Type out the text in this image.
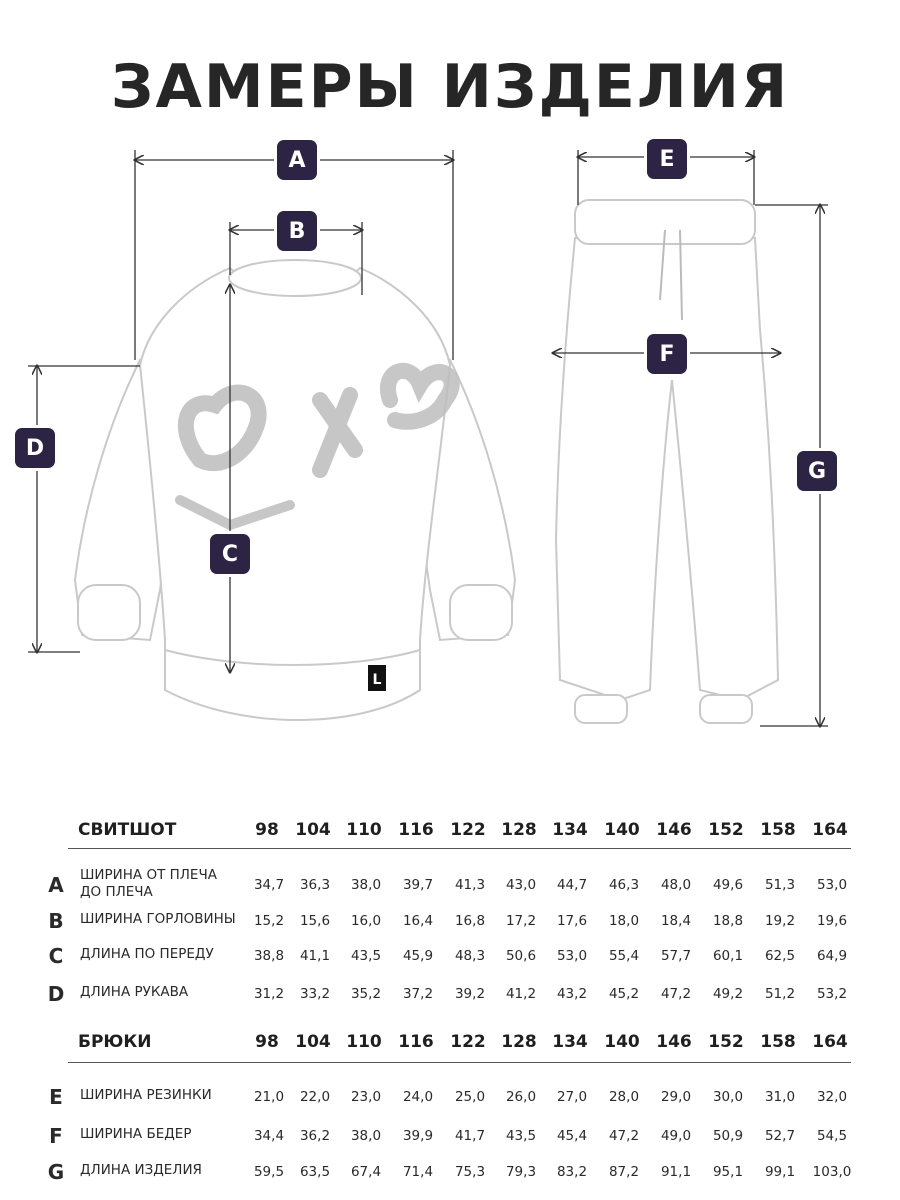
ЗАМЕРЫ ИЗДЕЛИЯ
L
A
B
C
D
E
F
G
СВИТШОТ	98 104 110 116 122 128 134 140 146 152 158 164
A	ШИРИНА ОТ ПЛЕЧА
ДО ПЛЕЧА	34,7	36,3	38,0	39,7	41,3	43,0	44,7	46,3	48,0	49,6	51,3	53,0
B	ШИРИНА ГОРЛОВИНЫ	15,2	15,6	16,0	16,4	16,8	17,2	17,6	18,0	18,4	18,8	19,2	19,6
C	ДЛИНА ПО ПЕРЕДУ	38,8	41,1	43,5	45,9	48,3	50,6	53,0	55,4	57,7	60,1	62,5	64,9
D ДЛИНА РУКАВА	31,2	33,2	35,2	37,2	39,2	41,2	43,2	45,2	47,2	49,2	51,2	53,2
БРЮКИ	98 104 110 116 122 128 134 140 146 152 158 164
E	ШИРИНА РЕЗИНКИ	21,0	22,0	23,0	24,0	25,0	26,0	27,0	28,0	29,0	30,0	31,0	32,0
F	ШИРИНА БЕДЕР	34,4	36,2	38,0	39,9	41,7	43,5	45,4	47,2	49,0	50,9	52,7	54,5
G ДЛИНА ИЗДЕЛИЯ	59,5	63,5	67,4	71,4	75,3	79,3	83,2	87,2	91,1	95,1	99,1	103,0
